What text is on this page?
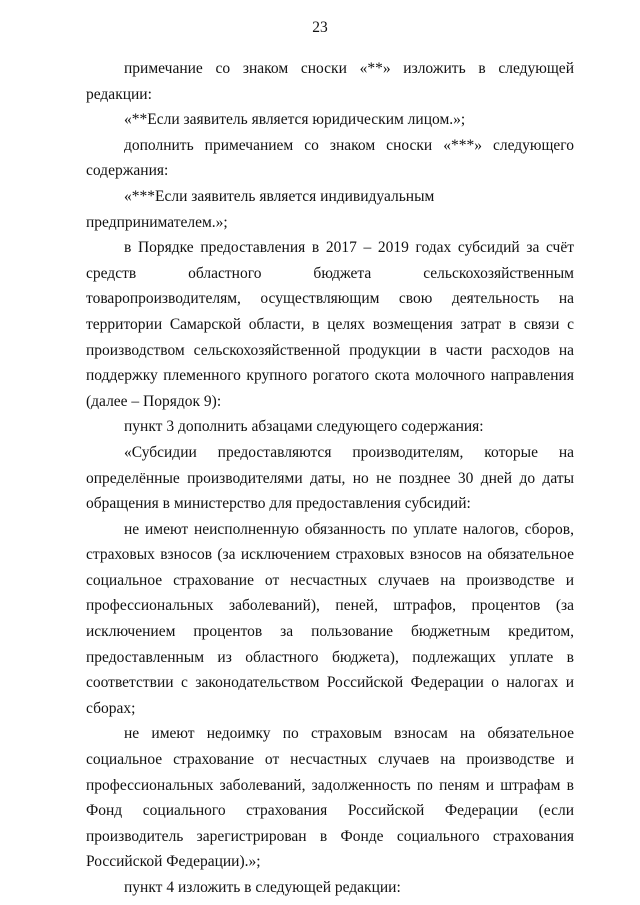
23

примечание со знаком сноски «**» изложить в следующей редакции:

«**Если заявитель является юридическим лицом.»;

дополнить примечанием со знаком сноски «***» следующего содержания:

«***Если заявитель является индивидуальным предпринимателем.»;

в Порядке предоставления в 2017 – 2019 годах субсидий за счёт средств областного бюджета сельскохозяйственным товаропроизводителям, осуществляющим свою деятельность на территории Самарской области, в целях возмещения затрат в связи с производством сельскохозяйственной продукции в части расходов на поддержку племенного крупного рогатого скота молочного направления (далее – Порядок 9):

пункт 3 дополнить абзацами следующего содержания:

«Субсидии предоставляются производителям, которые на определённые производителями даты, но не позднее 30 дней до даты обращения в министерство для предоставления субсидий:

не имеют неисполненную обязанность по уплате налогов, сборов, страховых взносов (за исключением страховых взносов на обязательное социальное страхование от несчастных случаев на производстве и профессиональных заболеваний), пеней, штрафов, процентов (за исключением процентов за пользование бюджетным кредитом, предоставленным из областного бюджета), подлежащих уплате в соответствии с законодательством Российской Федерации о налогах и сборах;

не имеют недоимку по страховым взносам на обязательное социальное страхование от несчастных случаев на производстве и профессиональных заболеваний, задолженность по пеням и штрафам в Фонд социального страхования Российской Федерации (если производитель зарегистрирован в Фонде социального страхования Российской Федерации).»;

пункт 4 изложить в следующей редакции:
